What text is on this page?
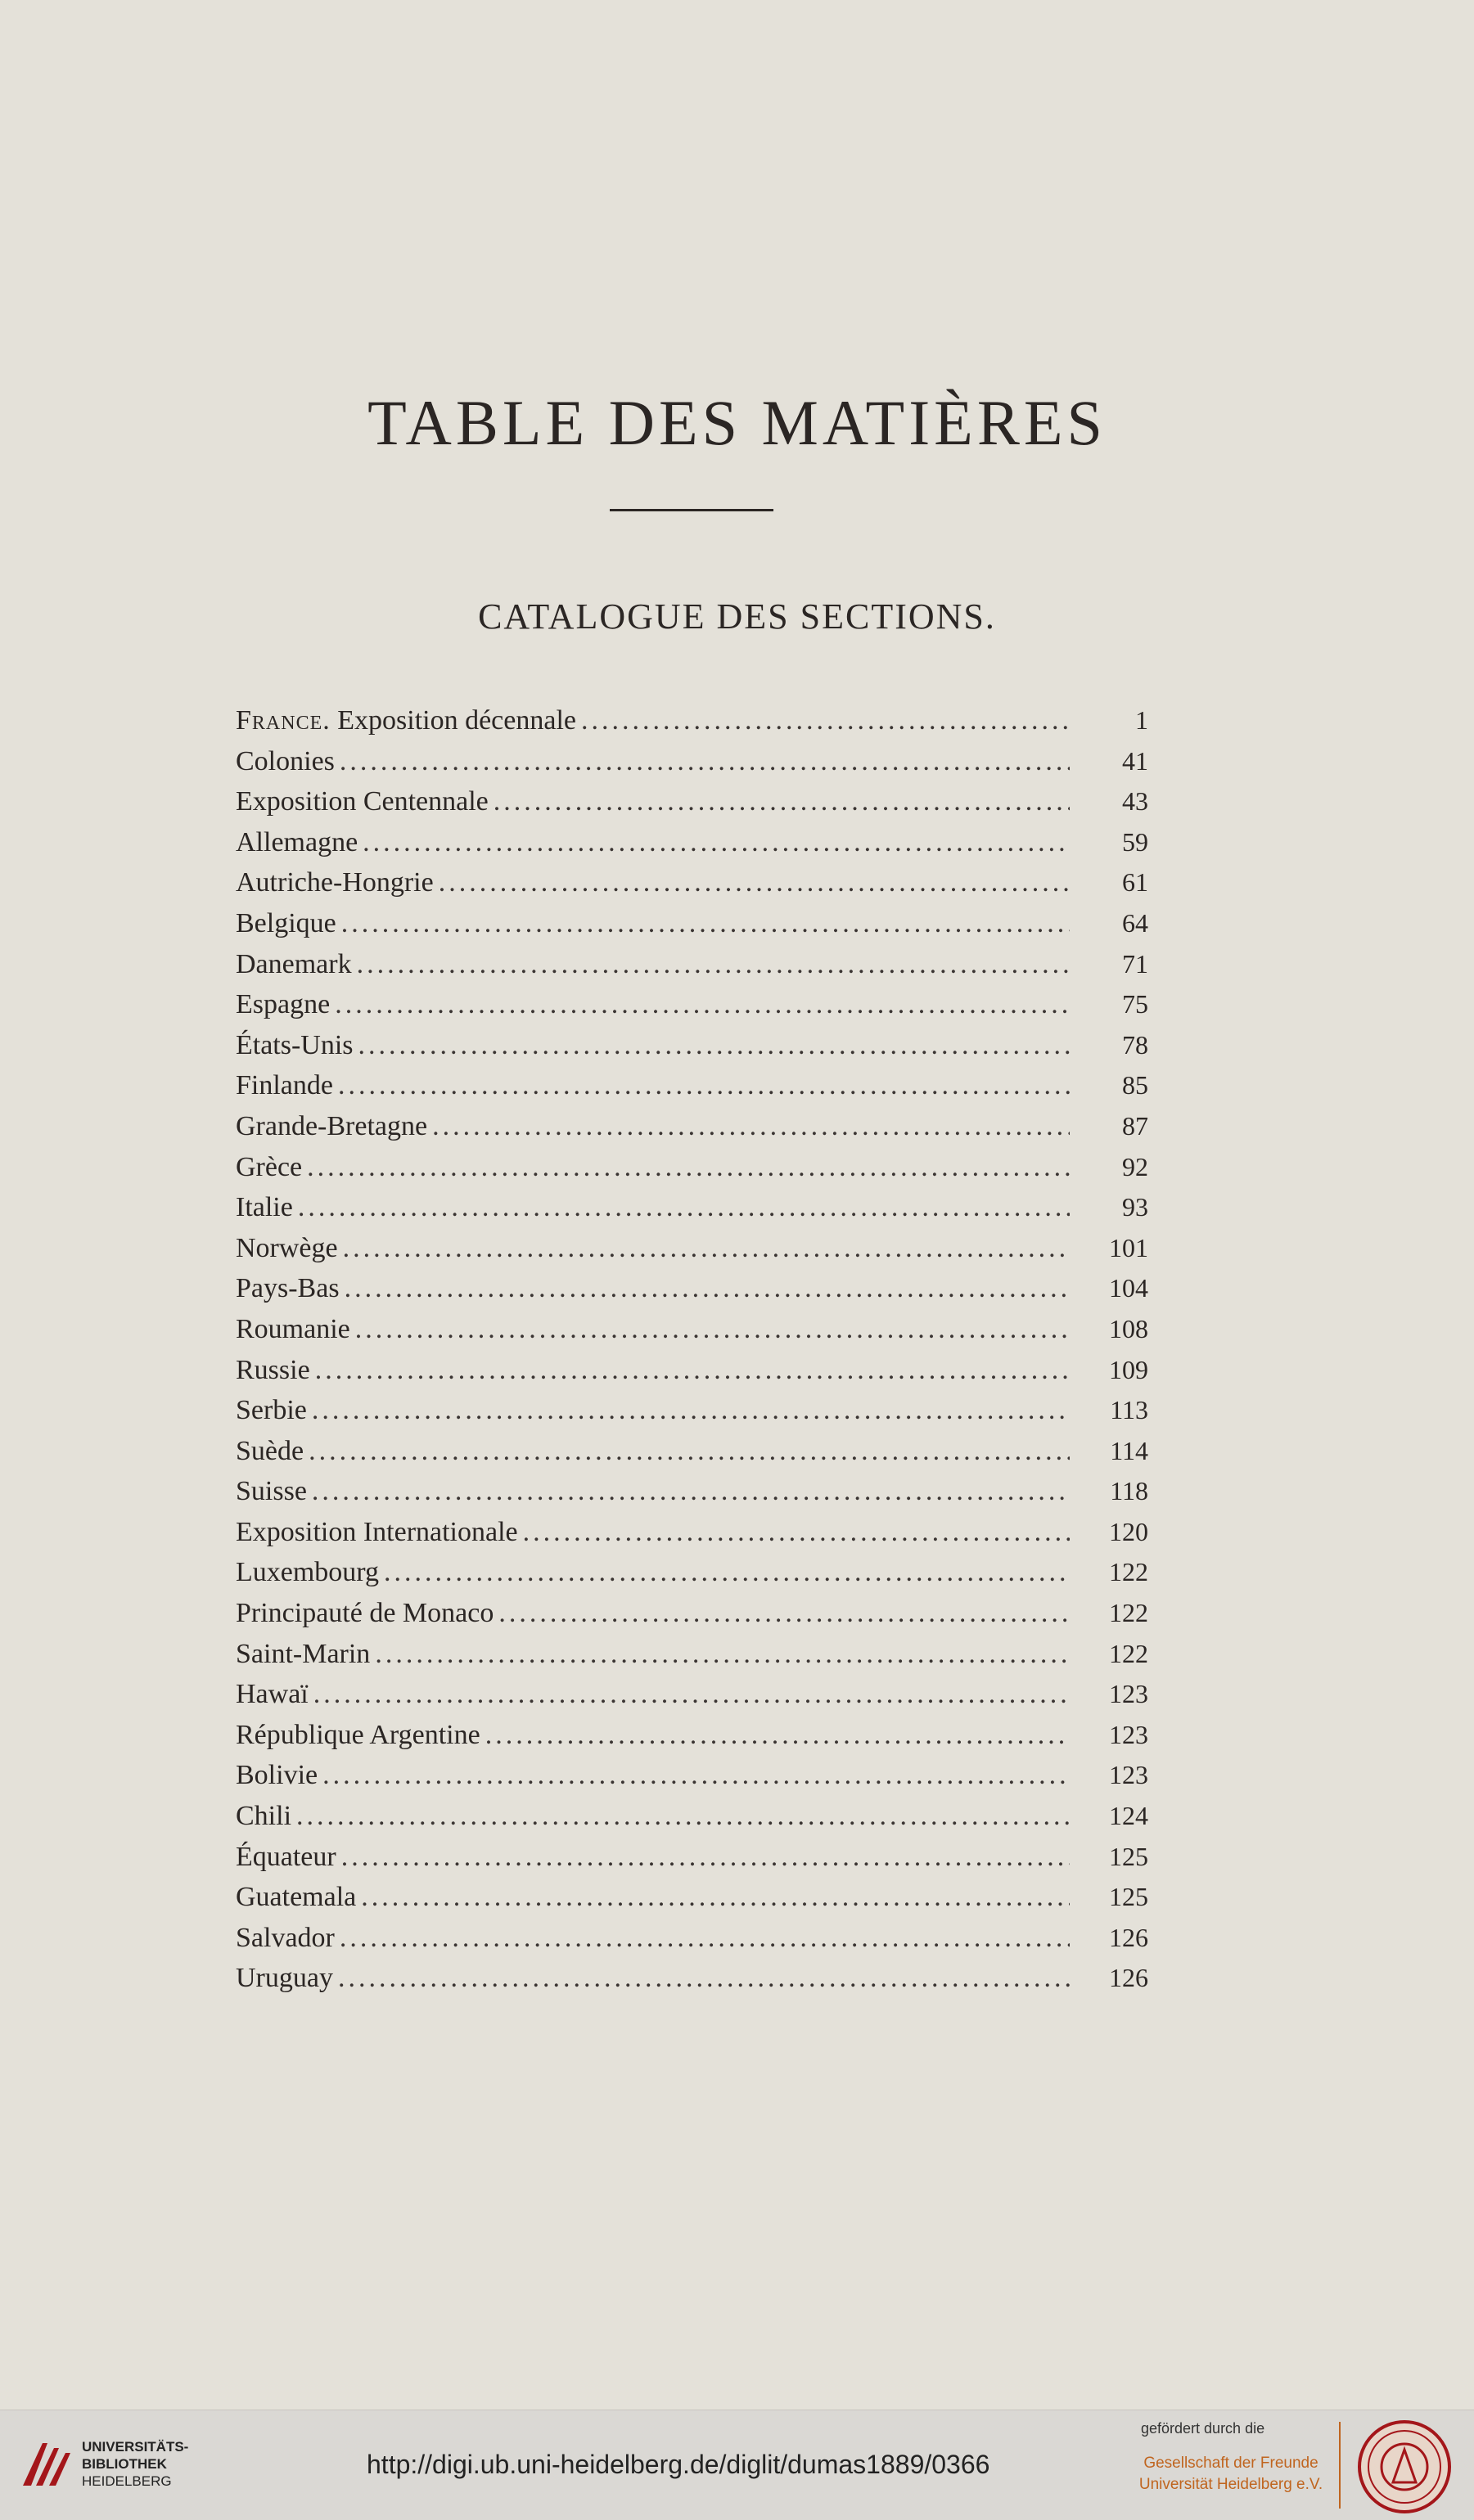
TABLE DES MATIÈRES
CATALOGUE DES SECTIONS.
France. Exposition décennale .....	1
Colonies .....	41
Exposition Centennale .....	43
Allemagne .....	59
Autriche-Hongrie .....	61
Belgique .....	64
Danemark .....	71
Espagne .....	75
États-Unis .....	78
Finlande .....	85
Grande-Bretagne .....	87
Grèce .....	92
Italie .....	93
Norwège .....	101
Pays-Bas .....	104
Roumanie .....	108
Russie .....	109
Serbie .....	113
Suède .....	114
Suisse .....	118
Exposition Internationale .....	120
Luxembourg .....	122
Principauté de Monaco .....	122
Saint-Marin .....	122
Hawaï .....	123
République Argentine .....	123
Bolivie .....	123
Chili .....	124
Équateur .....	125
Guatemala .....	125
Salvador .....	126
Uruguay .....	126
UNIVERSITÄTS-
BIBLIOTHEK
HEIDELBERG
http://digi.ub.uni-heidelberg.de/diglit/dumas1889/0366
gefördert durch die
Gesellschaft der Freunde
Universität Heidelberg e.V.
